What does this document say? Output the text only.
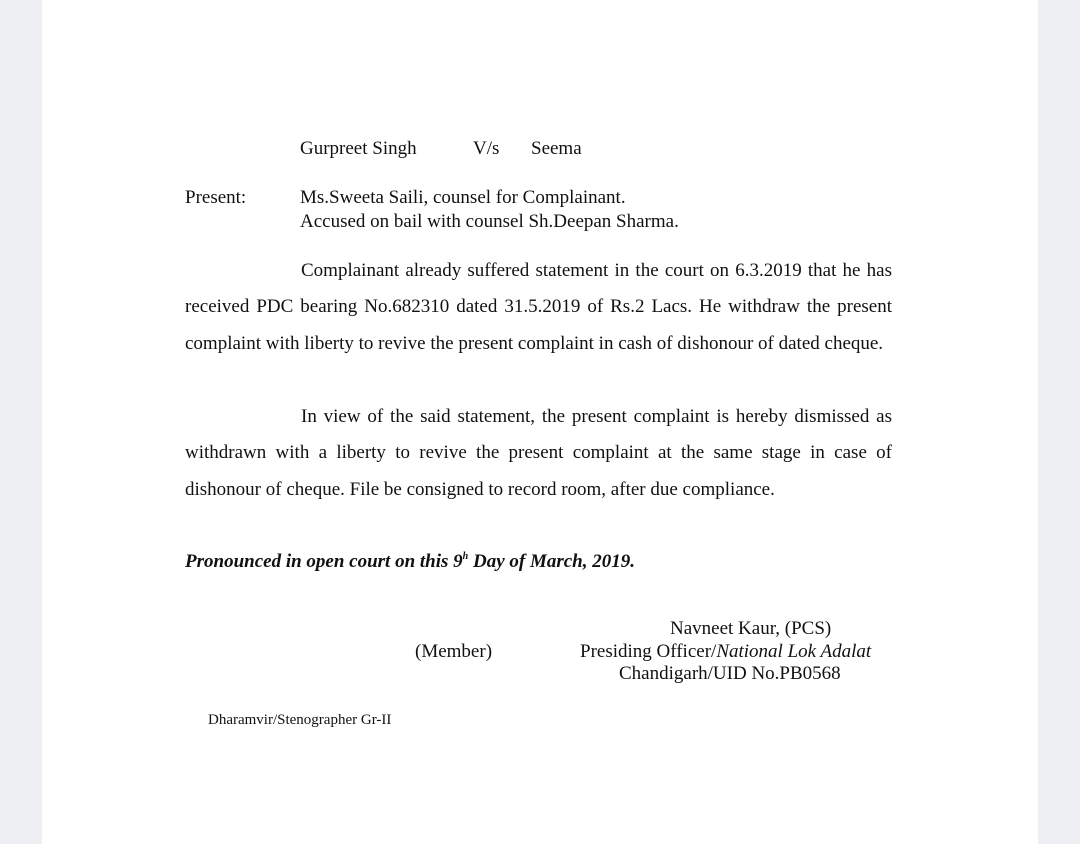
Gurpreet Singh	V/s Seema
Present:	Ms.Sweeta Saili, counsel for Complainant.
Accused on bail with counsel Sh.Deepan Sharma.

Complainant already suffered statement in the court on 6.3.2019 that he has received PDC bearing No.682310 dated 31.5.2019 of Rs.2 Lacs. He withdraw the present complaint with liberty to revive the present complaint in cash of dishonour of dated cheque.

In view of the said statement, the present complaint is hereby dismissed as withdrawn with a liberty to revive the present complaint at the same stage in case of dishonour of cheque. File be consigned to record room, after due compliance.

Pronounced in open court on this 9$^h$ Day of March, 2019.
(Member)
Navneet Kaur, (PCS)
Presiding Officer/National Lok Adalat
Chandigarh/UID No.PB0568
Dharamvir/Stenographer Gr-II
